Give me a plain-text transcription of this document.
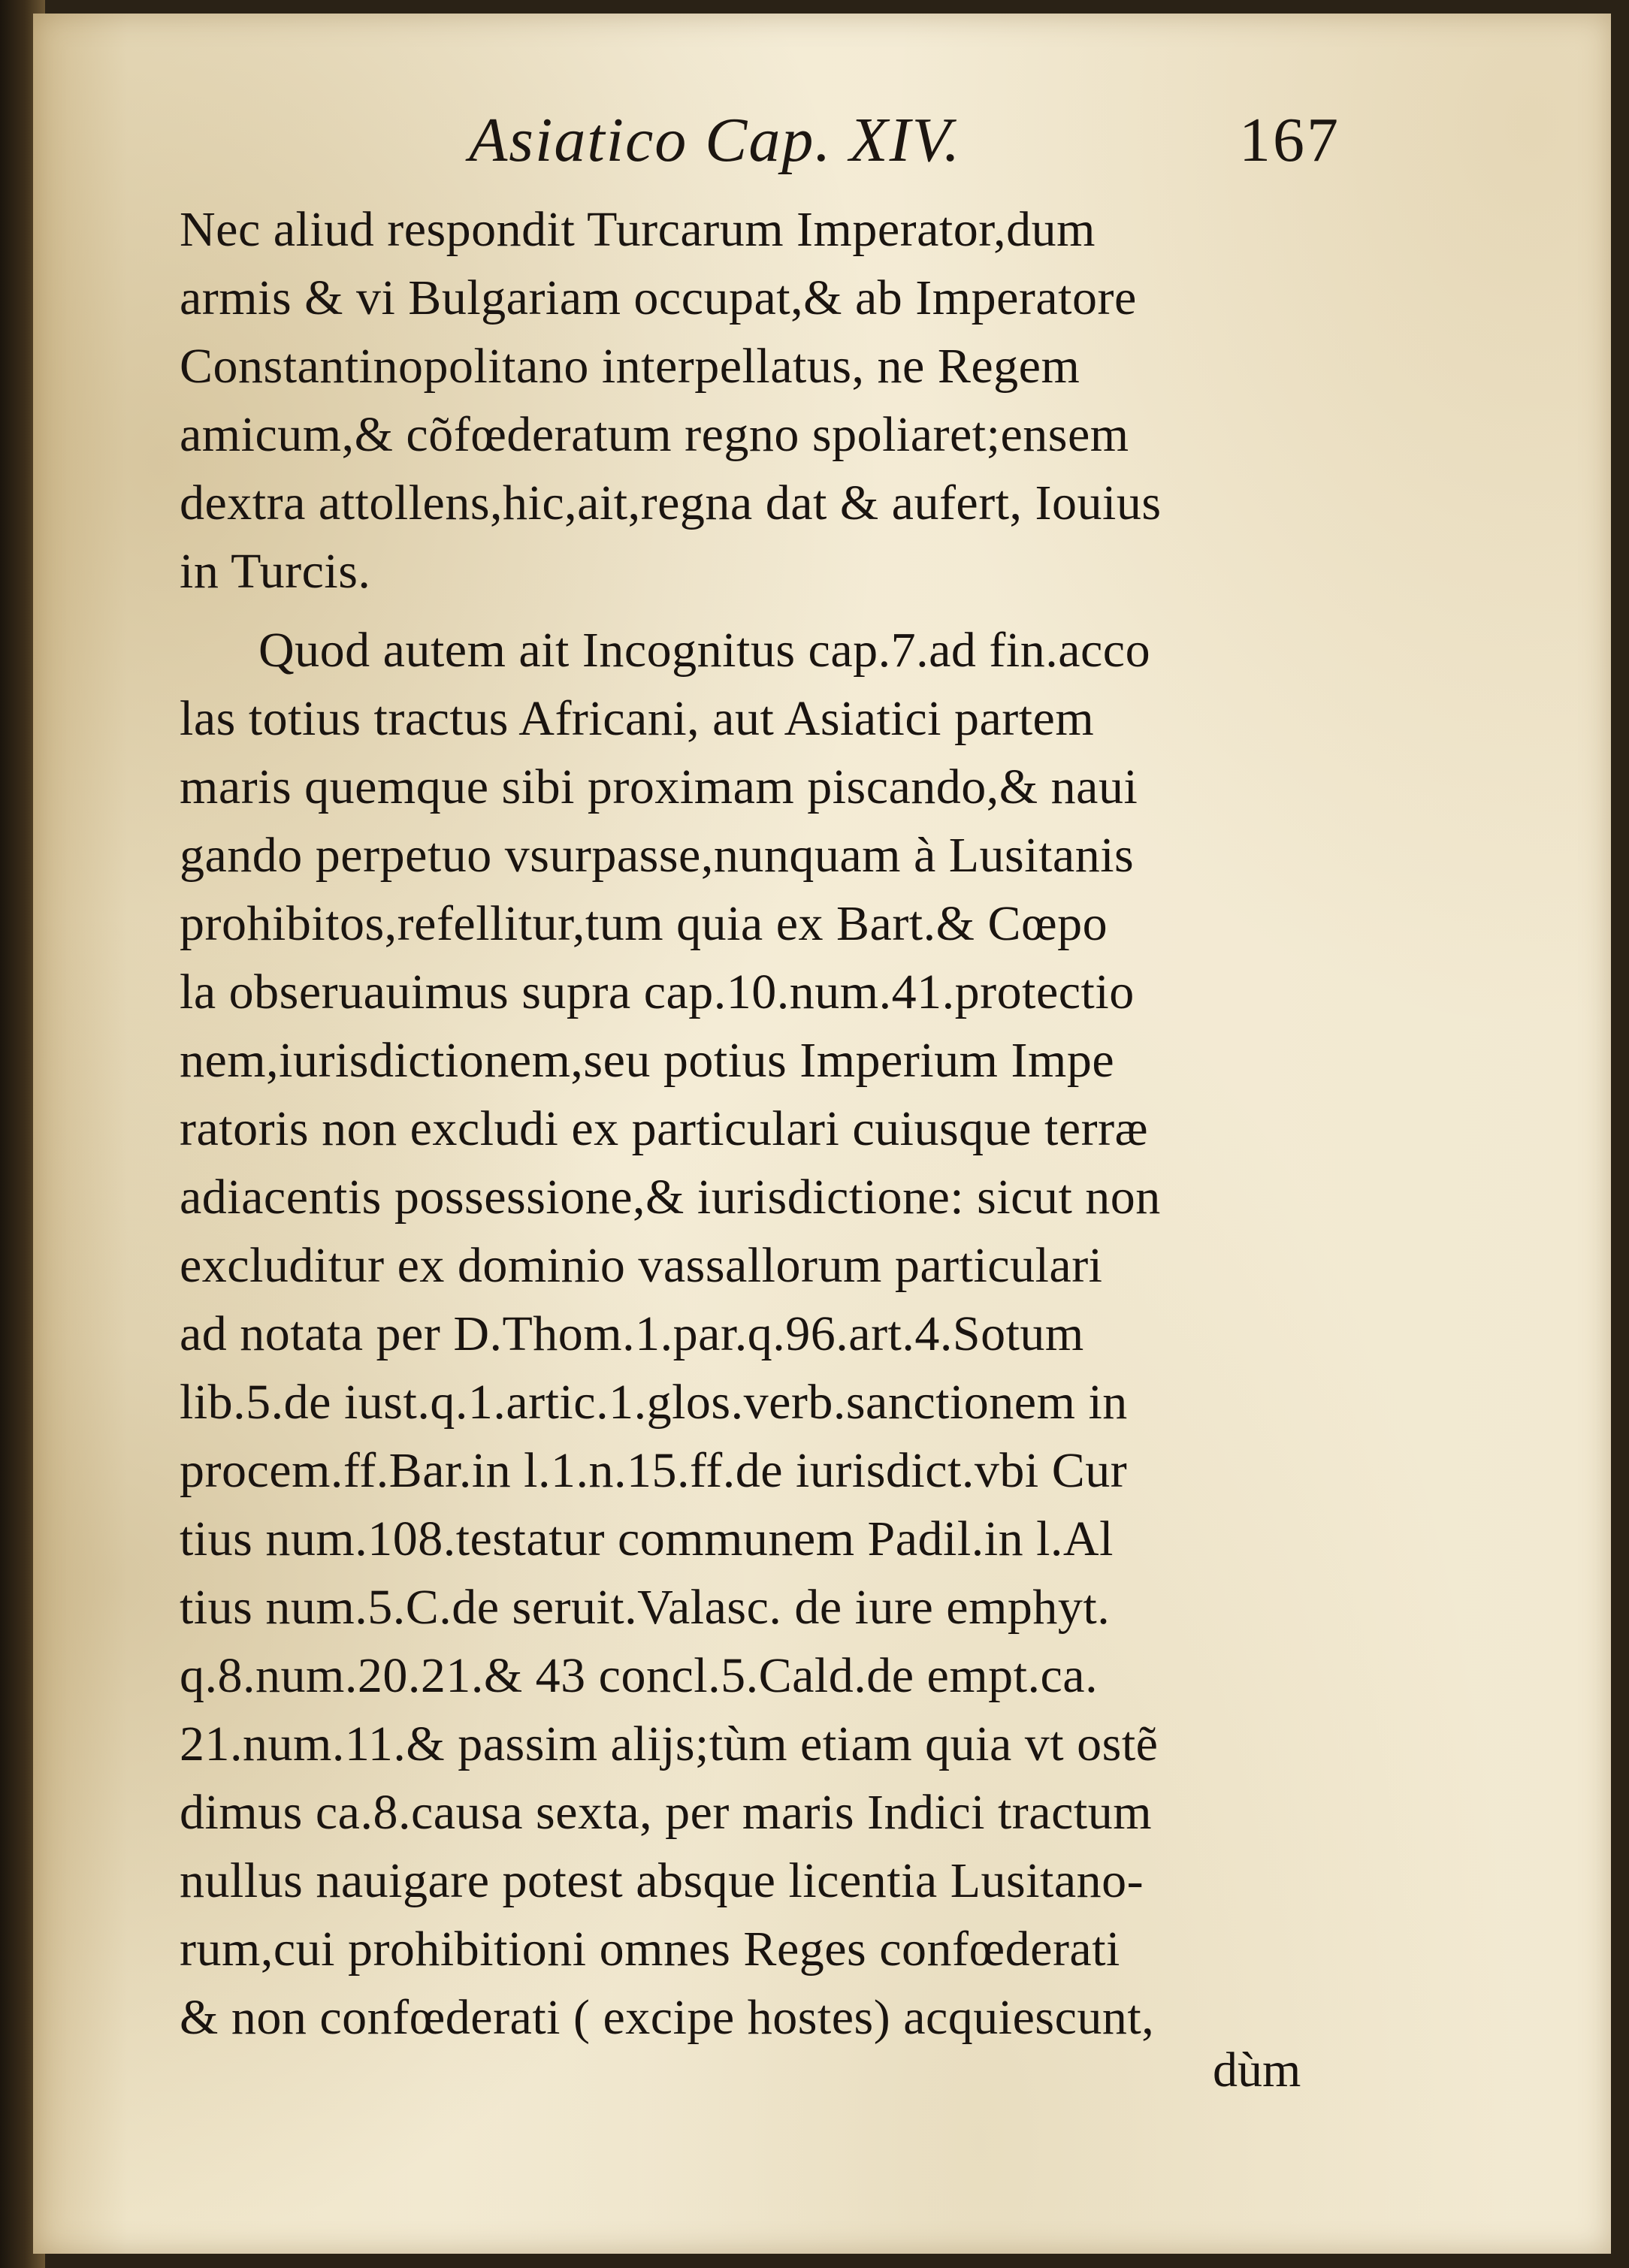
Asiatico Cap. XIV.	167
Nec aliud respondit Turcarum Imperator,dum
armis & vi Bulgariam occupat,& ab Imperatore
Constantinopolitano interpellatus, ne Regem
amicum,& cõfœderatum regno spoliaret;ensem
dextra attollens,hic,ait,regna dat & aufert, Iouius
in Turcis.
Quod autem ait Incognitus cap.7.ad fin.acco
las totius tractus Africani, aut Asiatici partem
maris quemque sibi proximam piscando,& naui
gando perpetuo vsurpasse,nunquam à Lusitanis
prohibitos,refellitur,tum quia ex Bart.& Cœpo
la obseruauimus supra cap.10.num.41.protectio
nem,iurisdictionem,seu potius Imperium Impe
ratoris non excludi ex particulari cuiusque terræ
adiacentis possessione,& iurisdictione: sicut non
excluditur ex dominio vassallorum particulari
ad notata per D.Thom.1.par.q.96.art.4.Sotum
lib.5.de iust.q.1.artic.1.glos.verb.sanctionem in
procem.ff.Bar.in l.1.n.15.ff.de iurisdict.vbi Cur
tius num.108.testatur communem Padil.in l.Al
tius num.5.C.de seruit.Valasc. de iure emphyt.
q.8.num.20.21.& 43 concl.5.Cald.de empt.ca.
21.num.11.& passim alijs;tùm etiam quia vt ostẽ
dimus ca.8.causa sexta, per maris Indici tractum
nullus nauigare potest absque licentia Lusitano-
rum,cui prohibitioni omnes Reges confœderati
& non confœderati ( excipe hostes) acquiescunt,
dùm
